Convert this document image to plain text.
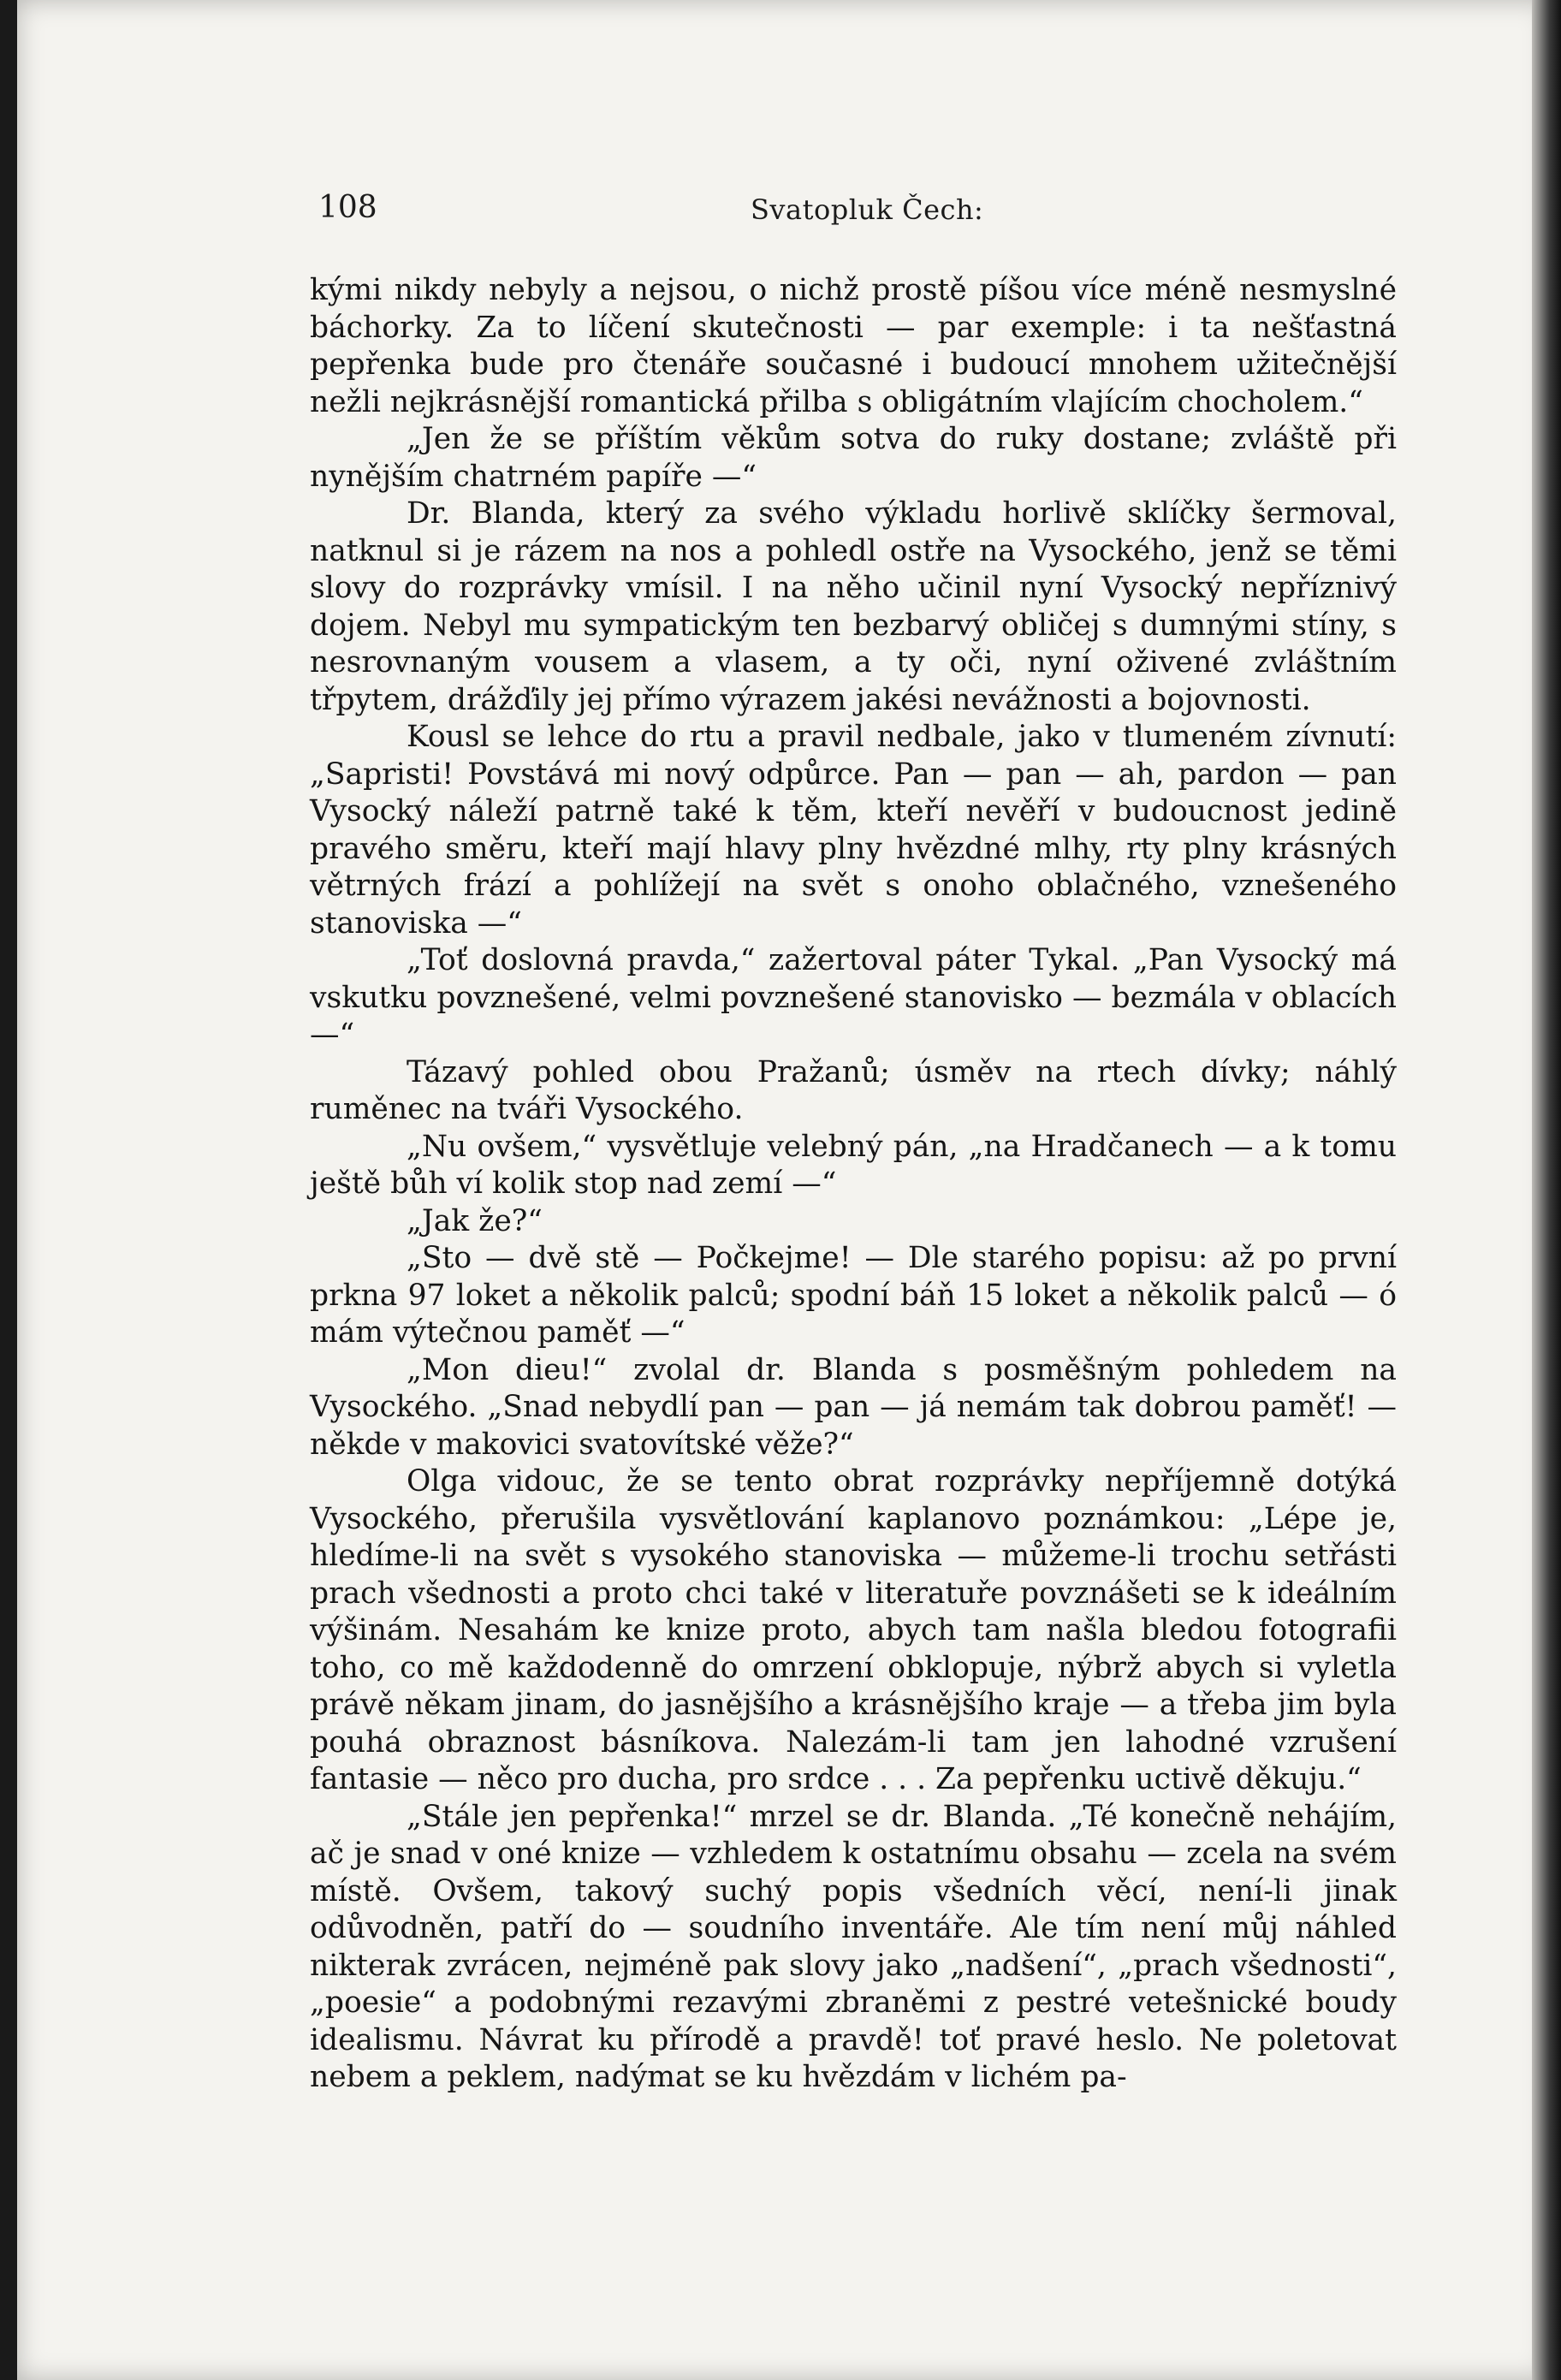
108	Svatopluk Čech:

kými nikdy nebyly a nejsou, o nichž prostě píšou více méně nesmyslné báchorky. Za to líčení skutečnosti — par exemple: i ta nešťastná pepřenka bude pro čtenáře současné i budoucí mnohem užitečnější nežli nejkrásnější romantická přilba s obligátním vlajícím chocholem.“

„Jen že se příštím věkům sotva do ruky dostane; zvláště při nynějším chatrném papíře —“

Dr. Blanda, který za svého výkladu horlivě sklíčky šermoval, natknul si je rázem na nos a pohledl ostře na Vysockého, jenž se těmi slovy do rozprávky vmísil. I na něho učinil nyní Vysocký nepříznivý dojem. Nebyl mu sympatickým ten bezbarvý obličej s dumnými stíny, s nesrovnaným vousem a vlasem, a ty oči, nyní oživené zvláštním třpytem, drážďily jej přímo výrazem jakési nevážnosti a bojovnosti.

Kousl se lehce do rtu a pravil nedbale, jako v tlumeném zívnutí: „Sapristi! Povstává mi nový odpůrce. Pan — pan — ah, pardon — pan Vysocký náleží patrně také k těm, kteří nevěří v budoucnost jedině pravého směru, kteří mají hlavy plny hvězdné mlhy, rty plny krásných větrných frází a pohlížejí na svět s onoho oblačného, vznešeného stanoviska —“

„Toť doslovná pravda,“ zažertoval páter Tykal. „Pan Vysocký má vskutku povznešené, velmi povznešené stanovisko — bezmála v oblacích —“

Tázavý pohled obou Pražanů; úsměv na rtech dívky; náhlý ruměnec na tváři Vysockého.

„Nu ovšem,“ vysvětluje velebný pán, „na Hradčanech — a k tomu ještě bůh ví kolik stop nad zemí —“

„Jak že?“

„Sto — dvě stě — Počkejme! — Dle starého popisu: až po první prkna 97 loket a několik palců; spodní báň 15 loket a několik palců — ó mám výtečnou paměť —“

„Mon dieu!“ zvolal dr. Blanda s posměšným pohledem na Vysockého. „Snad nebydlí pan — pan — já nemám tak dobrou paměť! — někde v makovici svatovítské věže?“

Olga vidouc, že se tento obrat rozprávky nepříjemně dotýká Vysockého, přerušila vysvětlování kaplanovo poznámkou: „Lépe je, hledíme-li na svět s vysokého stanoviska — můžeme-li trochu setřásti prach všednosti a proto chci také v literatuře povznášeti se k ideálním výšinám. Nesahám ke knize proto, abych tam našla bledou fotografii toho, co mě každodenně do omrzení obklopuje, nýbrž abych si vyletla právě někam jinam, do jasnějšího a krásnějšího kraje — a třeba jim byla pouhá obraznost básníkova. Nalezám-li tam jen lahodné vzrušení fantasie — něco pro ducha, pro srdce . . . Za pepřenku uctivě děkuju.“

„Stále jen pepřenka!“ mrzel se dr. Blanda. „Té konečně nehájím, ač je snad v oné knize — vzhledem k ostatnímu obsahu — zcela na svém místě. Ovšem, takový suchý popis všedních věcí, není-li jinak odůvodněn, patří do — soudního inventáře. Ale tím není můj náhled nikterak zvrácen, nejméně pak slovy jako „nadšení“, „prach všednosti“, „poesie“ a podobnými rezavými zbraněmi z pestré vetešnické boudy idealismu. Návrat ku přírodě a pravdě! toť pravé heslo. Ne poletovat nebem a peklem, nadýmat se ku hvězdám v lichém pa-
